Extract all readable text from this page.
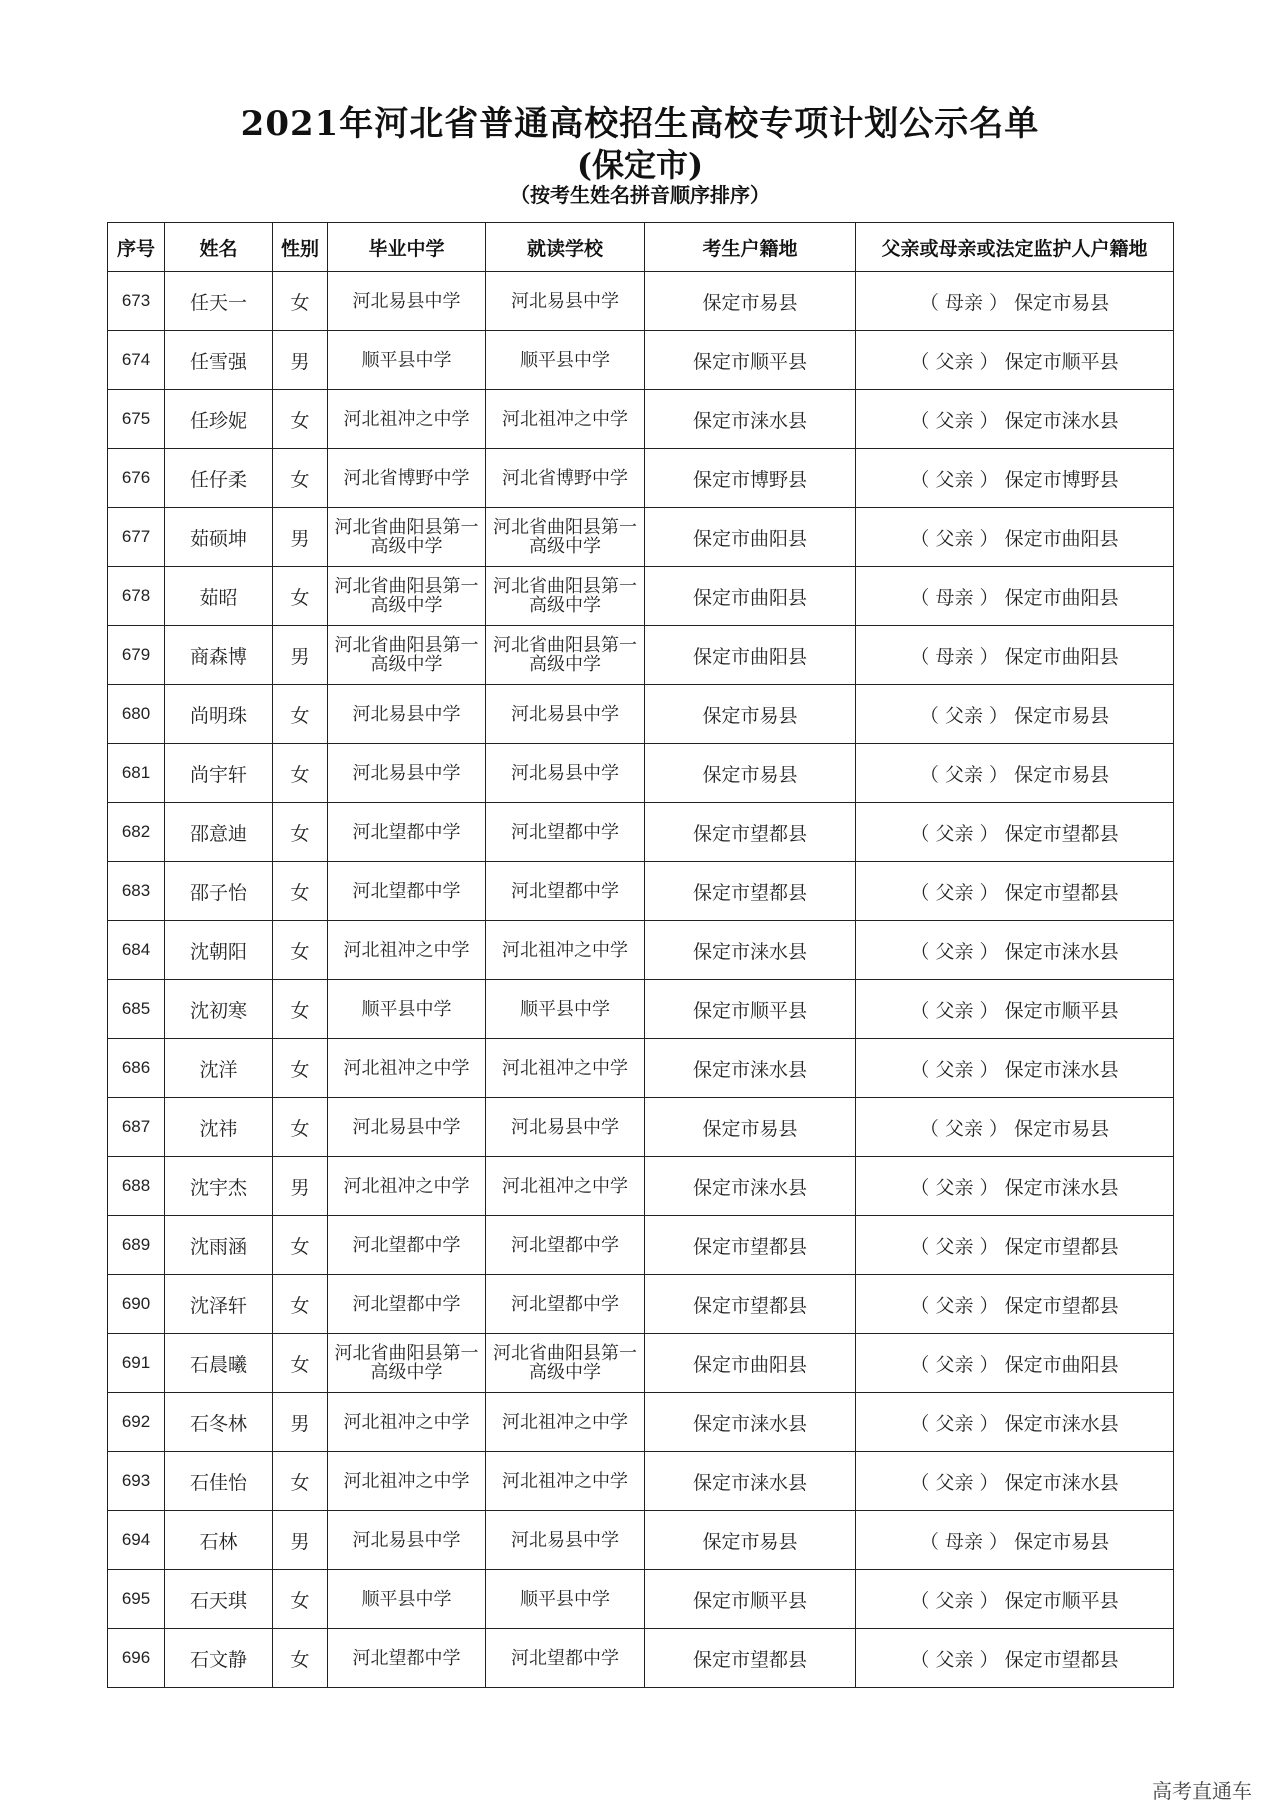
2021年河北省普通高校招生高校专项计划公示名单
(保定市)
（按考生姓名拼音顺序排序）
序号	姓名	性别	毕业中学	就读学校	考生户籍地	父亲或母亲或法定监护人户籍地
673	任天一	女	河北易县中学	河北易县中学	保定市易县	（ 母亲 ） 保定市易县
674	任雪强	男	顺平县中学	顺平县中学	保定市顺平县	（ 父亲 ） 保定市顺平县
675	任珍妮	女	河北祖冲之中学	河北祖冲之中学	保定市涞水县	（ 父亲 ） 保定市涞水县
676	任仔柔	女	河北省博野中学	河北省博野中学	保定市博野县	（ 父亲 ） 保定市博野县
677	茹硕坤	男	河北省曲阳县第一高级中学	河北省曲阳县第一高级中学	保定市曲阳县	（ 父亲 ） 保定市曲阳县
678	茹昭	女	河北省曲阳县第一高级中学	河北省曲阳县第一高级中学	保定市曲阳县	（ 母亲 ） 保定市曲阳县
679	商森博	男	河北省曲阳县第一高级中学	河北省曲阳县第一高级中学	保定市曲阳县	（ 母亲 ） 保定市曲阳县
680	尚明珠	女	河北易县中学	河北易县中学	保定市易县	（ 父亲 ） 保定市易县
681	尚宇轩	女	河北易县中学	河北易县中学	保定市易县	（ 父亲 ） 保定市易县
682	邵意迪	女	河北望都中学	河北望都中学	保定市望都县	（ 父亲 ） 保定市望都县
683	邵子怡	女	河北望都中学	河北望都中学	保定市望都县	（ 父亲 ） 保定市望都县
684	沈朝阳	女	河北祖冲之中学	河北祖冲之中学	保定市涞水县	（ 父亲 ） 保定市涞水县
685	沈初寒	女	顺平县中学	顺平县中学	保定市顺平县	（ 父亲 ） 保定市顺平县
686	沈洋	女	河北祖冲之中学	河北祖冲之中学	保定市涞水县	（ 父亲 ） 保定市涞水县
687	沈祎	女	河北易县中学	河北易县中学	保定市易县	（ 父亲 ） 保定市易县
688	沈宇杰	男	河北祖冲之中学	河北祖冲之中学	保定市涞水县	（ 父亲 ） 保定市涞水县
689	沈雨涵	女	河北望都中学	河北望都中学	保定市望都县	（ 父亲 ） 保定市望都县
690	沈泽轩	女	河北望都中学	河北望都中学	保定市望都县	（ 父亲 ） 保定市望都县
691	石晨曦	女	河北省曲阳县第一高级中学	河北省曲阳县第一高级中学	保定市曲阳县	（ 父亲 ） 保定市曲阳县
692	石冬林	男	河北祖冲之中学	河北祖冲之中学	保定市涞水县	（ 父亲 ） 保定市涞水县
693	石佳怡	女	河北祖冲之中学	河北祖冲之中学	保定市涞水县	（ 父亲 ） 保定市涞水县
694	石林	男	河北易县中学	河北易县中学	保定市易县	（ 母亲 ） 保定市易县
695	石天琪	女	顺平县中学	顺平县中学	保定市顺平县	（ 父亲 ） 保定市顺平县
696	石文静	女	河北望都中学	河北望都中学	保定市望都县	（ 父亲 ） 保定市望都县
高考直通车
